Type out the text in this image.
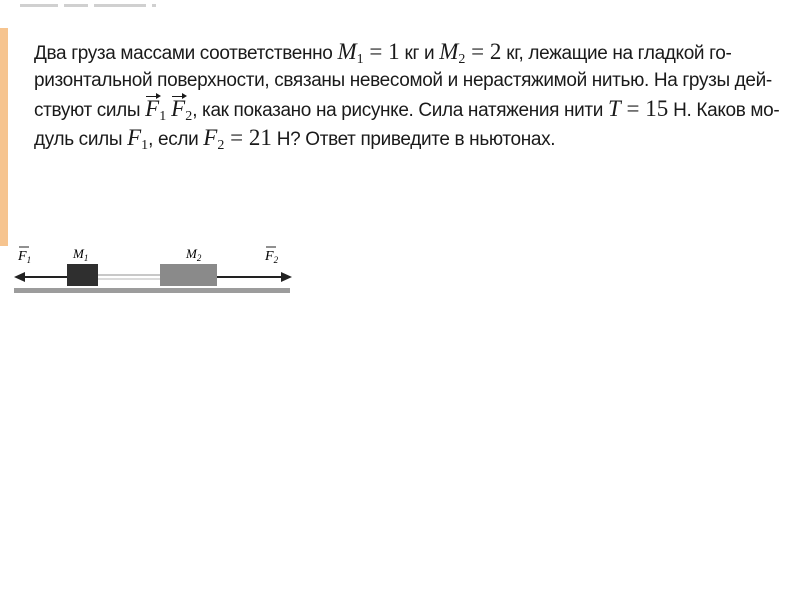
Два груза массами соответственно $M_1 = 1$ кг и $M_2 = 2$ кг, лежащие на гладкой го-
ризонтальной поверхности, связаны невесомой и нерастяжимой нитью. На грузы дей-
ствуют силы $F_1$ $F_2$, как показано на рисунке. Сила натяжения нити T = 15 Н. Каков мо-
дуль силы $F_1$, если $F_2 = 21$ Н? Ответ приведите в ньютонах.
$F_1$	$M_1$	$M_2$	$F_2$
